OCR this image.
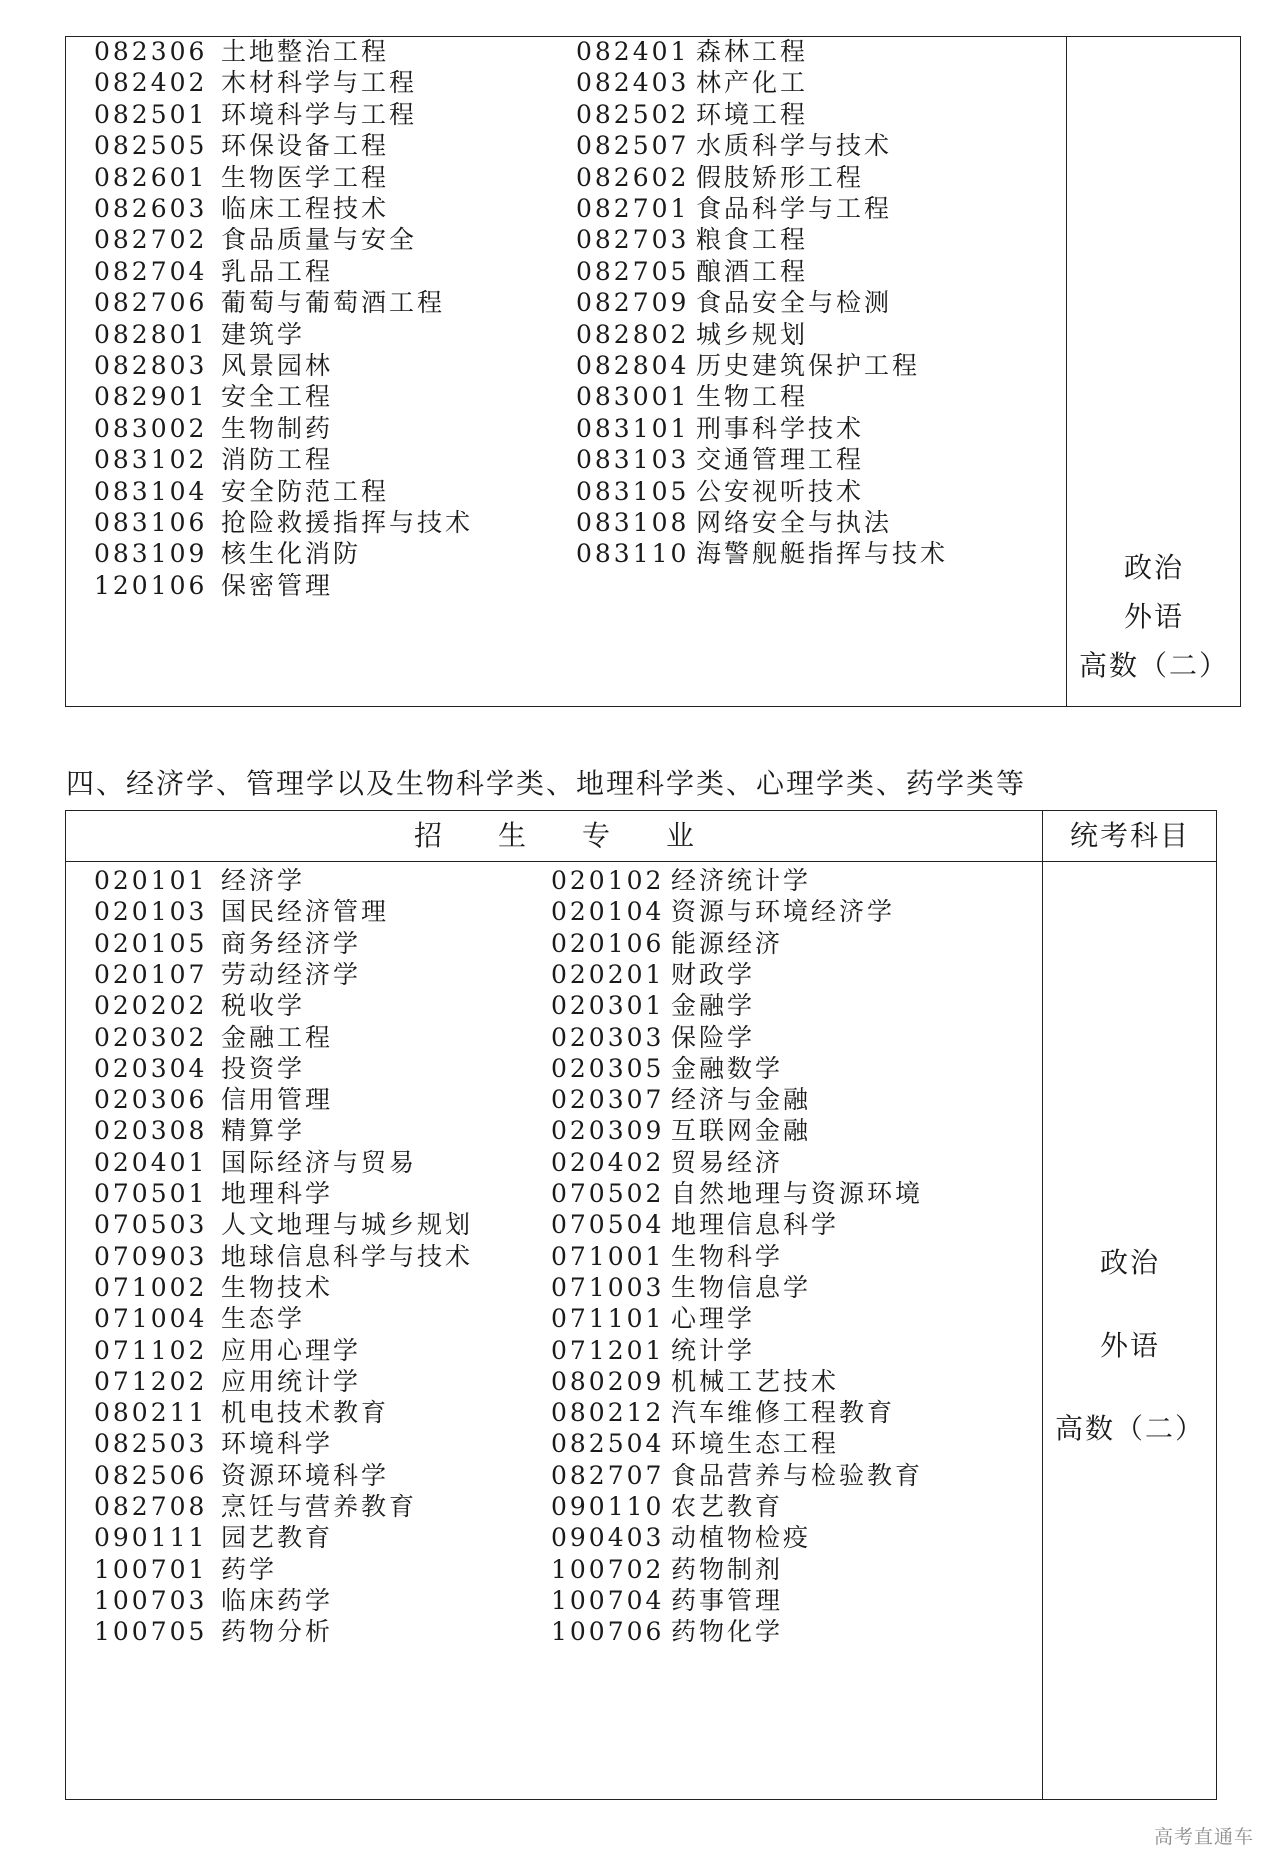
082306 土地整治工程	082401 森林工程
082402 木材科学与工程	082403 林产化工
082501 环境科学与工程	082502 环境工程
082505 环保设备工程	082507 水质科学与技术
082601 生物医学工程	082602 假肢矫形工程
082603 临床工程技术	082701 食品科学与工程
082702 食品质量与安全	082703 粮食工程
082704 乳品工程	082705 酿酒工程
082706 葡萄与葡萄酒工程	082709 食品安全与检测
082801 建筑学	082802 城乡规划
082803 风景园林	082804 历史建筑保护工程
082901 安全工程	083001 生物工程
083002 生物制药	083101 刑事科学技术
083102 消防工程	083103 交通管理工程
083104 安全防范工程	083105 公安视听技术
083106 抢险救援指挥与技术	083108 网络安全与执法
083109 核生化消防	083110 海警舰艇指挥与技术
120106 保密管理
政治
外语
高数（二）
四、经济学、管理学以及生物科学类、地理科学类、心理学类、药学类等
招　　生　　专　　业	统考科目
020101 经济学	020102 经济统计学
020103 国民经济管理	020104 资源与环境经济学
020105 商务经济学	020106 能源经济
020107 劳动经济学	020201 财政学
020202 税收学	020301 金融学
020302 金融工程	020303 保险学
020304 投资学	020305 金融数学
020306 信用管理	020307 经济与金融
020308 精算学	020309 互联网金融
020401 国际经济与贸易	020402 贸易经济
070501 地理科学	070502 自然地理与资源环境
070503 人文地理与城乡规划	070504 地理信息科学
070903 地球信息科学与技术	071001 生物科学
071002 生物技术	071003 生物信息学
071004 生态学	071101 心理学
071102 应用心理学	071201 统计学
071202 应用统计学	080209 机械工艺技术
080211 机电技术教育	080212 汽车维修工程教育
082503 环境科学	082504 环境生态工程
082506 资源环境科学	082707 食品营养与检验教育
082708 烹饪与营养教育	090110 农艺教育
090111 园艺教育	090403 动植物检疫
100701 药学	100702 药物制剂
100703 临床药学	100704 药事管理
100705 药物分析	100706 药物化学
政治
外语
高数（二）
高考直通车
